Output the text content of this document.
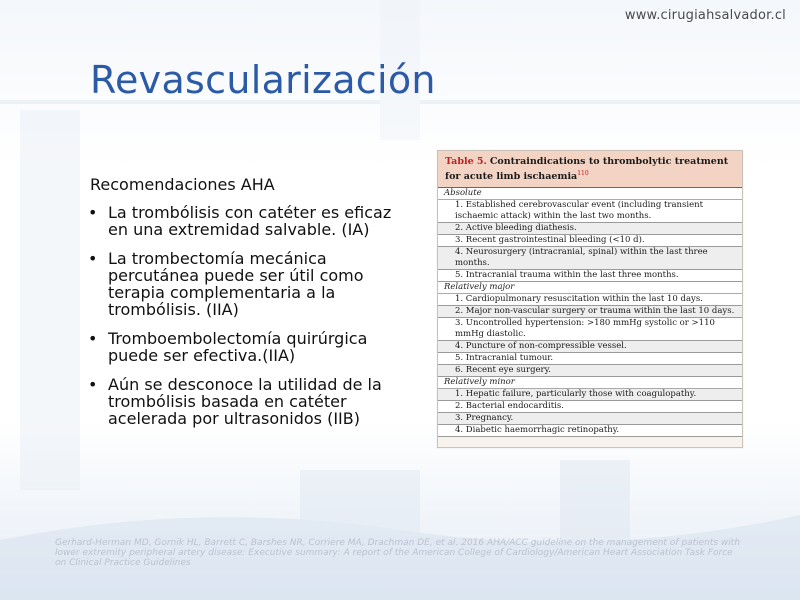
www.cirugiahsalvador.cl
Revascularización
Recomendaciones AHA
• La trombólisis con catéter es eficaz en una extremidad salvable. (IA)
• La trombectomía mecánica percutánea puede ser útil como terapia complementaria a la trombólisis. (IIA)
• Tromboembolectomía quirúrgica puede ser efectiva.(IIA)
• Aún se desconoce la utilidad de la trombólisis basada en catéter acelerada por ultrasonidos (IIB)
Table 5. Contraindications to thrombolytic treatment for acute limb ischaemia$^{110}$
Absolute
1. Established cerebrovascular event (including transient ischaemic attack) within the last two months.
2. Active bleeding diathesis.
3. Recent gastrointestinal bleeding (<10 d).
4. Neurosurgery (intracranial, spinal) within the last three months.
5. Intracranial trauma within the last three months.
Relatively major
1. Cardiopulmonary resuscitation within the last 10 days.
2. Major non-vascular surgery or trauma within the last 10 days.
3. Uncontrolled hypertension: >180 mmHg systolic or >110 mmHg diastolic.
4. Puncture of non-compressible vessel.
5. Intracranial tumour.
6. Recent eye surgery.
Relatively minor
1. Hepatic failure, particularly those with coagulopathy.
2. Bacterial endocarditis.
3. Pregnancy.
4. Diabetic haemorrhagic retinopathy.
Gerhard-Herman MD, Gornik HL, Barrett C, Barshes NR, Corriere MA, Drachman DE, et al. 2016 AHA/ACC guideline on the management of patients with lower extremity peripheral artery disease: Executive summary: A report of the American College of Cardiology/American Heart Association Task Force on Clinical Practice Guidelines
